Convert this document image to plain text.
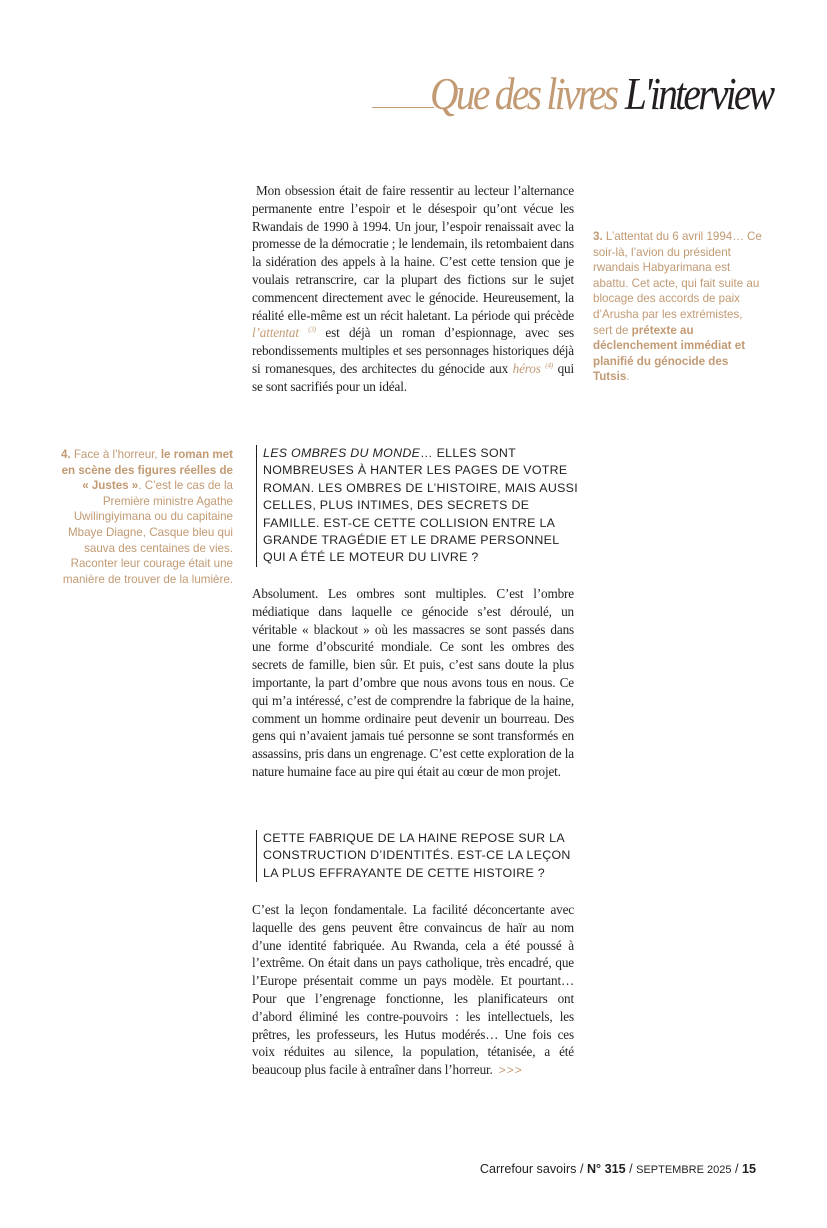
Que des livres L'interview

Mon obsession était de faire ressentir au lecteur l’alternance permanente entre l’espoir et le désespoir qu’ont vécue les Rwandais de 1990 à 1994. Un jour, l’espoir renaissait avec la promesse de la démocratie ; le lendemain, ils retombaient dans la sidération des appels à la haine. C’est cette tension que je voulais retranscrire, car la plupart des fictions sur le sujet commencent directement avec le génocide. Heureusement, la réalité elle-même est un récit haletant. La période qui précède l’attentat $^{(3)}$ est déjà un roman d’espionnage, avec ses rebondissements multiples et ses personnages historiques déjà si romanesques, des architectes du génocide aux héros $^{(4)}$ qui se sont sacrifiés pour un idéal.

LES OMBRES DU MONDE… ELLES SONT NOMBREUSES À HANTER LES PAGES DE VOTRE ROMAN. LES OMBRES DE L’HISTOIRE, MAIS AUSSI CELLES, PLUS INTIMES, DES SECRETS DE FAMILLE. EST-CE CETTE COLLISION ENTRE LA GRANDE TRAGÉDIE ET LE DRAME PERSONNEL QUI A ÉTÉ LE MOTEUR DU LIVRE ?

Absolument. Les ombres sont multiples. C’est l’ombre médiatique dans laquelle ce génocide s’est déroulé, un véritable « blackout » où les massacres se sont passés dans une forme d’obscurité mondiale. Ce sont les ombres des secrets de famille, bien sûr. Et puis, c’est sans doute la plus importante, la part d’ombre que nous avons tous en nous. Ce qui m’a intéressé, c’est de comprendre la fabrique de la haine, comment un homme ordinaire peut devenir un bourreau. Des gens qui n’avaient jamais tué personne se sont transformés en assassins, pris dans un engrenage. C’est cette exploration de la nature humaine face au pire qui était au cœur de mon projet.

CETTE FABRIQUE DE LA HAINE REPOSE SUR LA CONSTRUCTION D’IDENTITÉS. EST-CE LA LEÇON LA PLUS EFFRAYANTE DE CETTE HISTOIRE ?

C’est la leçon fondamentale. La facilité déconcertante avec laquelle des gens peuvent être convaincus de haïr au nom d’une identité fabriquée. Au Rwanda, cela a été poussé à l’extrême. On était dans un pays catholique, très encadré, que l’Europe présentait comme un pays modèle. Et pourtant… Pour que l’engrenage fonctionne, les planificateurs ont d’abord éliminé les contre-pouvoirs : les intellectuels, les prêtres, les professeurs, les Hutus modérés… Une fois ces voix réduites au silence, la population, tétanisée, a été beaucoup plus facile à entraîner dans l’horreur. >>>

3. L’attentat du 6 avril 1994… Ce soir-là, l’avion du président rwandais Habyarimana est abattu. Cet acte, qui fait suite au blocage des accords de paix d’Arusha par les extrémistes, sert de prétexte au déclenchement immédiat et planifié du génocide des Tutsis.
4. Face à l’horreur, le roman met en scène des figures réelles de « Justes ». C’est le cas de la Première ministre Agathe Uwilingiyimana ou du capitaine Mbaye Diagne, Casque bleu qui sauva des centaines de vies. Raconter leur courage était une manière de trouver de la lumière.
Carrefour savoirs / N° 315 / SEPTEMBRE 2025 / 15
